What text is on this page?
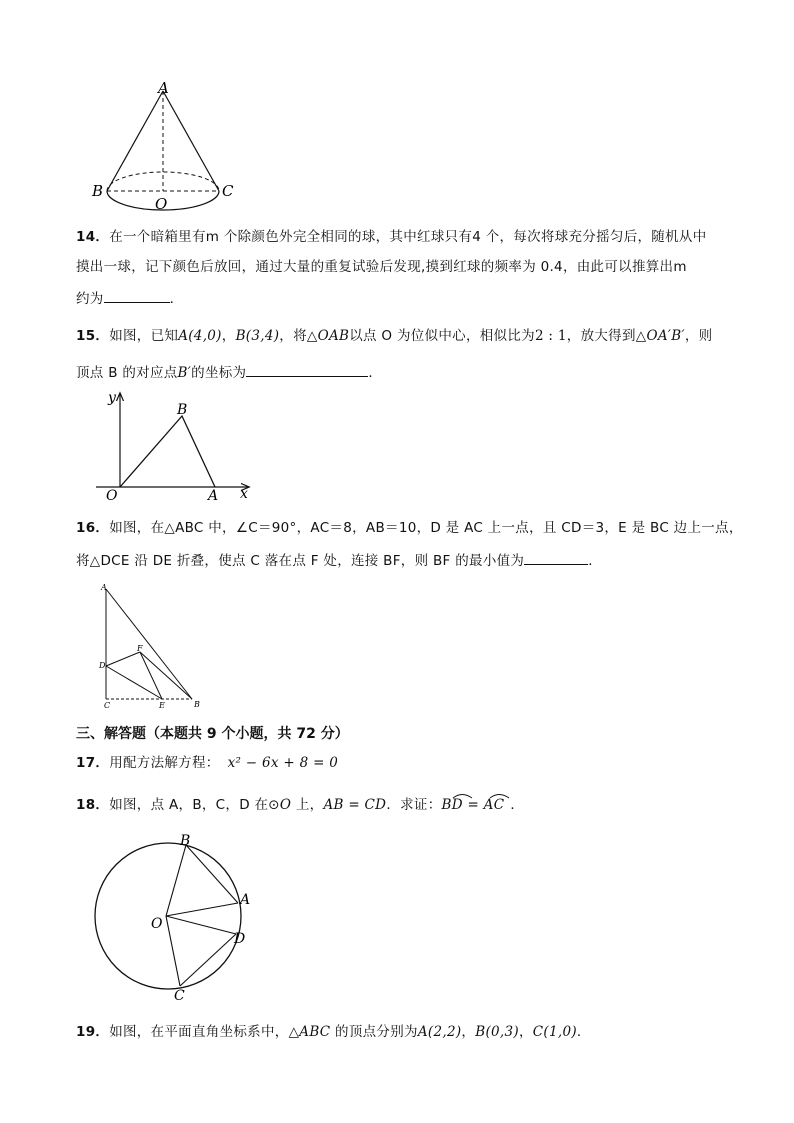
A
B	C
O
14．在一个暗箱里有m 个除颜色外完全相同的球，其中红球只有4 个，每次将球充分摇匀后，随机从中
摸出一球，记下颜色后放回，通过大量的重复试验后发现,摸到红球的频率为 0.4，由此可以推算出m
约为	．
15．如图，已知A(4,0)，B(3,4)，将△OAB以点 O 为位似中心，相似比为2 : 1，放大得到△OA′B′，则
顶点 B 的对应点B′的坐标为	．
y
x
O	A
B
16．如图，在△ABC 中，∠C＝90°，AC＝8，AB＝10，D 是 AC 上一点，且 CD＝3，E 是 BC 边上一点，
将△DCE 沿 DE 折叠，使点 C 落在点 F 处，连接 BF，则 BF 的最小值为	．
A
D
F
C	E	B
三、解答题（本题共 9 个小题，共 72 分）
17．用配方法解方程： x² − 6x + 8 = 0
18．如图，点 A，B，C，D 在⊙O 上，AB = CD．求证：BD = AC ．
B
A
D
C
O
19．如图，在平面直角坐标系中，△ABC 的顶点分别为A(2,2)，B(0,3)，C(1,0)．
